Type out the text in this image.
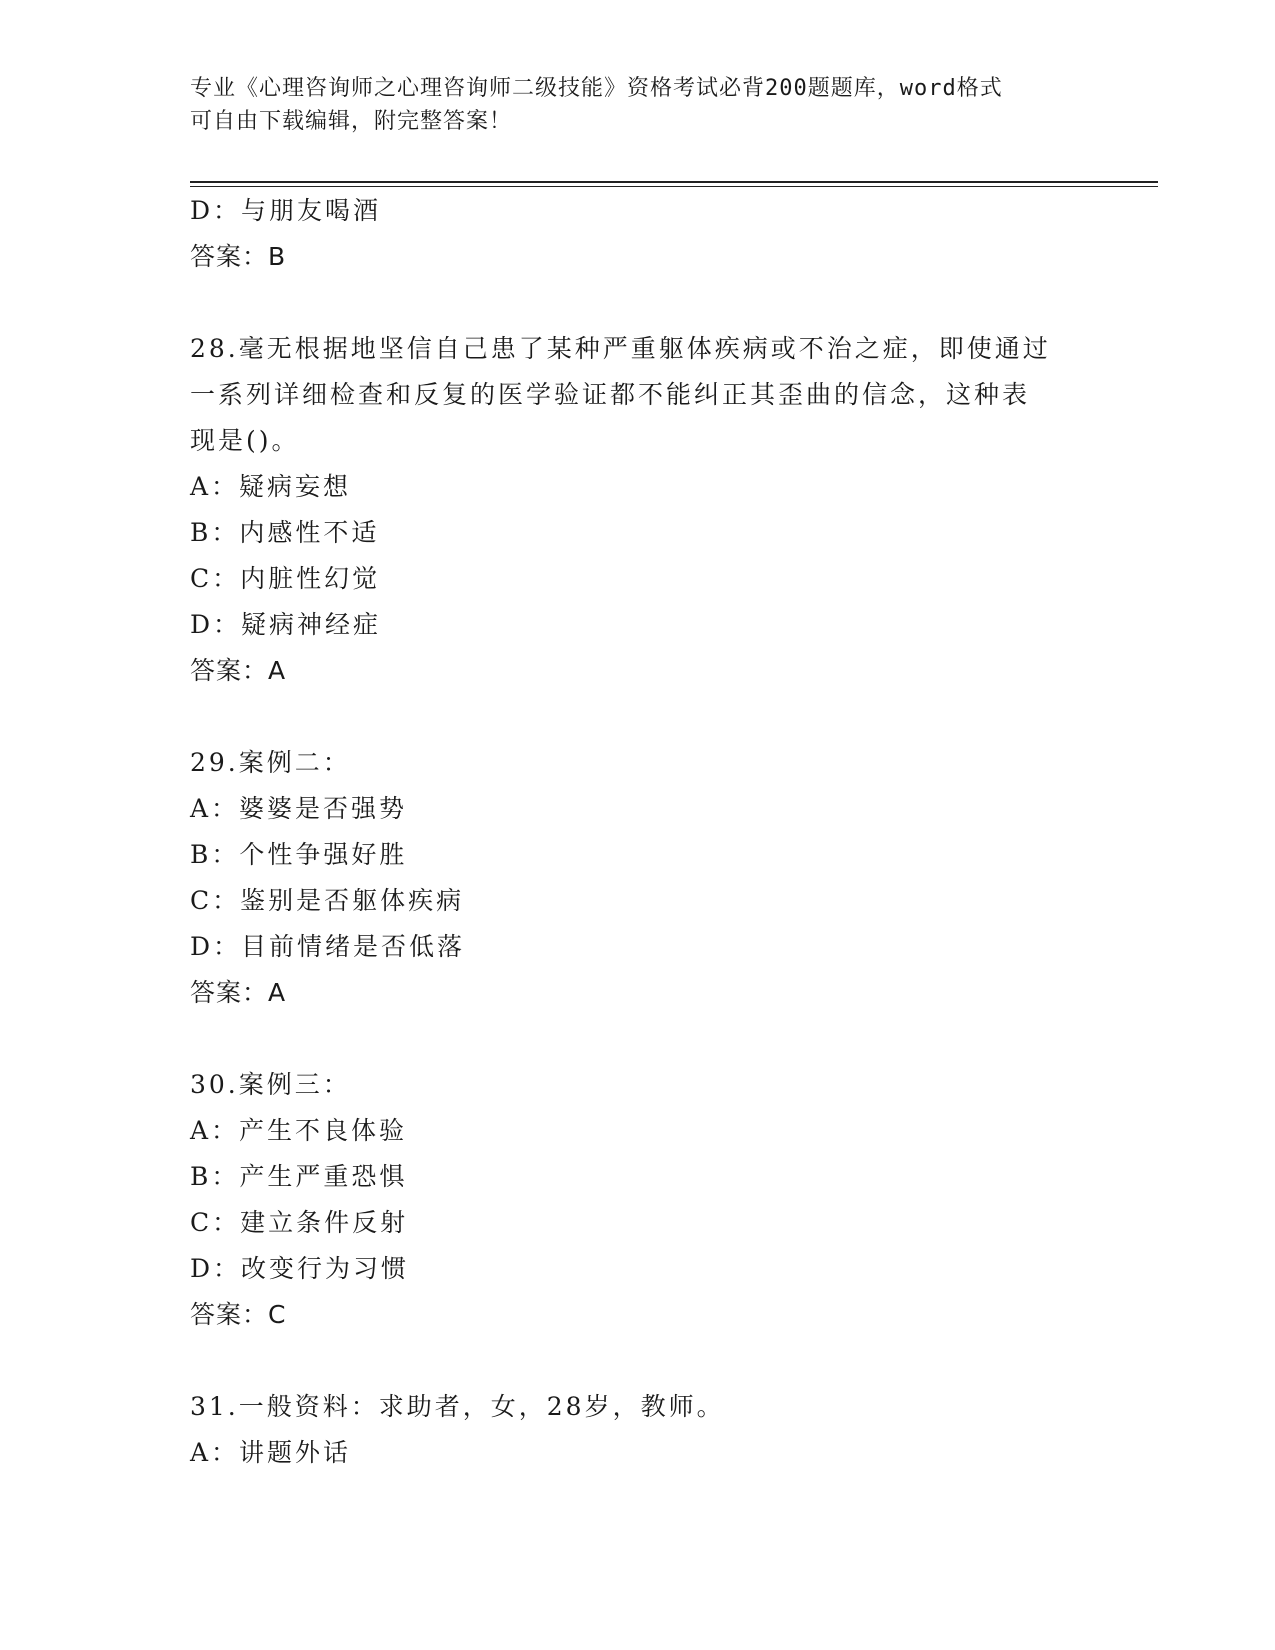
专业《心理咨询师之心理咨询师二级技能》资格考试必背200题题库，word格式
可自由下载编辑，附完整答案！
D：与朋友喝酒
答案：B
28.毫无根据地坚信自己患了某种严重躯体疾病或不治之症，即使通过
一系列详细检查和反复的医学验证都不能纠正其歪曲的信念，这种表
现是()。
A：疑病妄想
B：内感性不适
C：内脏性幻觉
D：疑病神经症
答案：A
29.案例二：
A：婆婆是否强势
B：个性争强好胜
C：鉴别是否躯体疾病
D：目前情绪是否低落
答案：A
30.案例三：
A：产生不良体验
B：产生严重恐惧
C：建立条件反射
D：改变行为习惯
答案：C
31.一般资料：求助者，女，28岁，教师。
A：讲题外话
